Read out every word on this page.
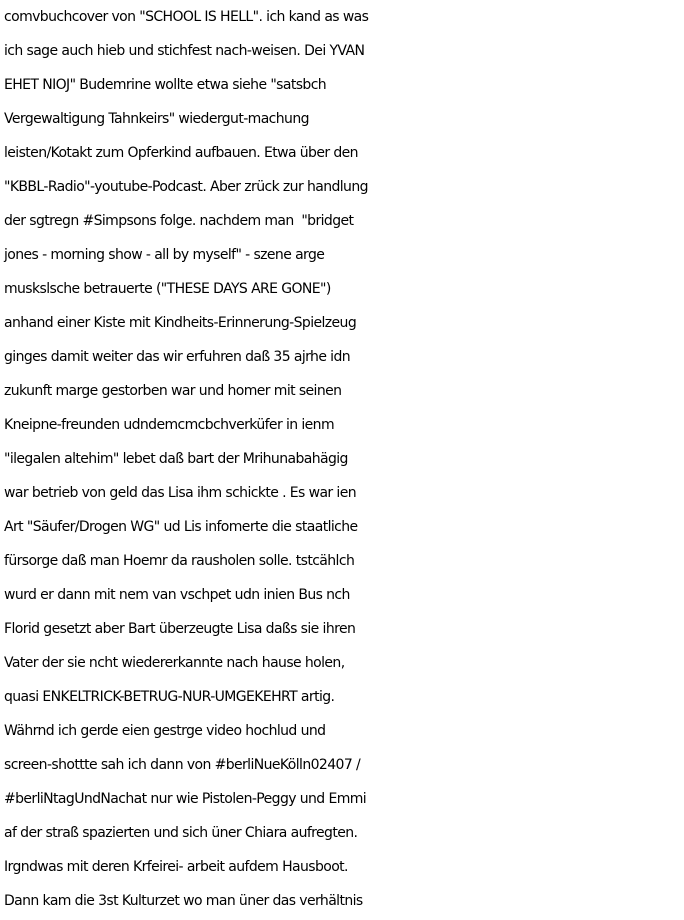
comvbuchcover von "SCHOOL IS HELL". ich kand as was
ich sage auch hieb und stichfest nach-weisen. Dei YVAN
EHET NIOJ" Budemrine wollte etwa siehe "satsbch
Vergewaltigung Tahnkeirs" wiedergut-machung
leisten/Kotakt zum Opferkind aufbauen. Etwa über den
"KBBL-Radio"-youtube-Podcast. Aber zrück zur handlung
der sgtregn #Simpsons folge. nachdem man  "bridget
jones - morning show - all by myself" - szene arge
muskslsche betrauerte ("THESE DAYS ARE GONE")
anhand einer Kiste mit Kindheits-Erinnerung-Spielzeug
ginges damit weiter das wir erfuhren daß 35 ajrhe idn
zukunft marge gestorben war und homer mit seinen
Kneipne-freunden udndemcmcbchverküfer in ienm
"ilegalen altehim" lebet daß bart der Mrihunabahägig
war betrieb von geld das Lisa ihm schickte . Es war ien
Art "Säufer/Drogen WG" ud Lis infomerte die staatliche
fürsorge daß man Hoemr da rausholen solle. tstcählch
wurd er dann mit nem van vschpet udn inien Bus nch
Florid gesetzt aber Bart überzeugte Lisa daßs sie ihren
Vater der sie ncht wiedererkannte nach hause holen,
quasi ENKELTRICK-BETRUG-NUR-UMGEKEHRT artig.
Währnd ich gerde eien gestrge video hochlud und
screen-shottte sah ich dann von #berliNueKölln02407 /
#berliNtagUndNachat nur wie Pistolen-Peggy und Emmi
af der straß spazierten und sich üner Chiara aufregten.
Irgndwas mit deren Krfeirei- arbeit aufdem Hausboot.
Dann kam die 3st Kulturzet wo man üner das verhältnis
